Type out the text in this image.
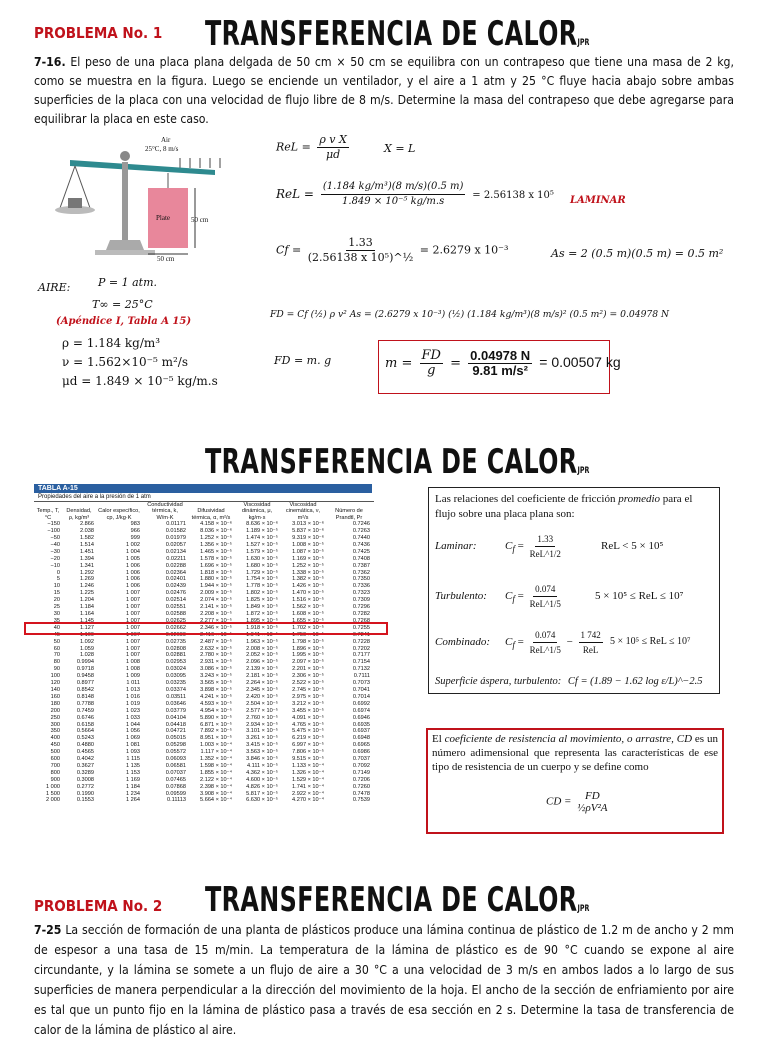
PROBLEMA No. 1 TRANSFERENCIA DE CALORJPR
7-16. El peso de una placa plana delgada de 50 cm × 50 cm se equilibra con un contrapeso que tiene una masa de 2 kg, como se muestra en la figura. Luego se enciende un ventilador, y el aire a 1 atm y 25 °C fluye hacia abajo sobre ambas superficies de la placa con una velocidad de flujo libre de 8 m/s. Determine la masa del contrapeso que debe agregarse para equilibrar la placa en este caso.
Air
25°C, 8 m/s
Plate	50 cm
50 cm
AIRE:	P = 1 atm.
T∞ = 25°C
(Apéndice I, Tabla A 15)
ρ = 1.184 kg/m³
ν = 1.562×10⁻⁵ m²/s
μd = 1.849 × 10⁻⁵ kg/m.s
ReL = $\frac{\text{ρ v X}}{\mu d}$	X = L
ReL = $\frac{\text{(1.184 kg/m³)(8 m/s)(0.5 m)}}{\text{1.849 × 10⁻⁵ kg/m.s}} = 2.56138$ x 10⁵ LAMINAR
$Cf = \frac{1.33}{\text{(2.56138 x 10⁵)\textasciicircum{}½}} = 2.6279$ x 10⁻³	As = 2 (0.5 m)(0.5 m) = 0.5 m²
FD = Cf (½) ρ v² As = (2.6279 x 10⁻³) (½) (1.184 kg/m³)(8 m/s)² (0.5 m²) = 0.04978 N
FD = m. g	$m = \frac{FD}{g} = \frac{0.04978 N}{\text{9.81 m/s²}} = 0.00507$ kg
TRANSFERENCIA DE CALORJPR
TABLA A-15
Propiedades del aire a la presión de 1 atm
Temp., T, °C	Densidad, ρ, kg/m³	Calor específico, cp, J/kg·K	Conductividad térmica, k, W/m·K	Difusividad térmica, α, m²/s	Viscosidad dinámica, μ, kg/m·s	Viscosidad cinemática, ν, m²/s	Número de Prandtl, Pr
−150	2.866	983	0.01171	4.158 × 10⁻⁶	8.636 × 10⁻⁶	3.013 × 10⁻⁶	0.7246
−100	2.038	966	0.01582	8.036 × 10⁻⁶	1.189 × 10⁻⁵	5.837 × 10⁻⁶	0.7263
−50	1.582	999	0.01979	1.252 × 10⁻⁵	1.474 × 10⁻⁵	9.319 × 10⁻⁶	0.7440
−40	1.514	1 002	0.02057	1.356 × 10⁻⁵	1.527 × 10⁻⁵	1.008 × 10⁻⁵	0.7436
−30	1.451	1 004	0.02134	1.465 × 10⁻⁵	1.579 × 10⁻⁵	1.087 × 10⁻⁵	0.7425
−20	1.394	1 005	0.02211	1.578 × 10⁻⁵	1.630 × 10⁻⁵	1.169 × 10⁻⁵	0.7408
−10	1.341	1 006	0.02288	1.696 × 10⁻⁵	1.680 × 10⁻⁵	1.252 × 10⁻⁵	0.7387
0	1.292	1 006	0.02364	1.818 × 10⁻⁵	1.729 × 10⁻⁵	1.338 × 10⁻⁵	0.7362
5	1.269	1 006	0.02401	1.880 × 10⁻⁵	1.754 × 10⁻⁵	1.382 × 10⁻⁵	0.7350
10	1.246	1 006	0.02439	1.944 × 10⁻⁵	1.778 × 10⁻⁵	1.426 × 10⁻⁵	0.7336
15	1.225	1 007	0.02476	2.009 × 10⁻⁵	1.802 × 10⁻⁵	1.470 × 10⁻⁵	0.7323
20	1.204	1 007	0.02514	2.074 × 10⁻⁵	1.825 × 10⁻⁵	1.516 × 10⁻⁵	0.7309
25	1.184	1 007	0.02551	2.141 × 10⁻⁵	1.849 × 10⁻⁵	1.562 × 10⁻⁵	0.7296
30	1.164	1 007	0.02588	2.208 × 10⁻⁵	1.872 × 10⁻⁵	1.608 × 10⁻⁵	0.7282
35	1.145	1 007	0.02625	2.277 × 10⁻⁵	1.895 × 10⁻⁵	1.655 × 10⁻⁵	0.7268
40	1.127	1 007	0.02662	2.346 × 10⁻⁵	1.918 × 10⁻⁵	1.702 × 10⁻⁵	0.7255
45	1.109	1 007	0.02699	2.416 × 10⁻⁵	1.941 × 10⁻⁵	1.750 × 10⁻⁵	0.7241
50	1.092	1 007	0.02735	2.487 × 10⁻⁵	1.963 × 10⁻⁵	1.798 × 10⁻⁵	0.7228
60	1.059	1 007	0.02808	2.632 × 10⁻⁵	2.008 × 10⁻⁵	1.896 × 10⁻⁵	0.7202
70	1.028	1 007	0.02881	2.780 × 10⁻⁵	2.052 × 10⁻⁵	1.995 × 10⁻⁵	0.7177
80	0.9994	1 008	0.02953	2.931 × 10⁻⁵	2.096 × 10⁻⁵	2.097 × 10⁻⁵	0.7154
90	0.9718	1 008	0.03024	3.086 × 10⁻⁵	2.139 × 10⁻⁵	2.201 × 10⁻⁵	0.7132
100	0.9458	1 009	0.03095	3.243 × 10⁻⁵	2.181 × 10⁻⁵	2.306 × 10⁻⁵	0.7111
120	0.8977	1 011	0.03235	3.565 × 10⁻⁵	2.264 × 10⁻⁵	2.522 × 10⁻⁵	0.7073
140	0.8542	1 013	0.03374	3.898 × 10⁻⁵	2.345 × 10⁻⁵	2.745 × 10⁻⁵	0.7041
160	0.8148	1 016	0.03511	4.241 × 10⁻⁵	2.420 × 10⁻⁵	2.975 × 10⁻⁵	0.7014
180	0.7788	1 019	0.03646	4.593 × 10⁻⁵	2.504 × 10⁻⁵	3.212 × 10⁻⁵	0.6992
200	0.7459	1 023	0.03779	4.954 × 10⁻⁵	2.577 × 10⁻⁵	3.455 × 10⁻⁵	0.6974
250	0.6746	1 033	0.04104	5.890 × 10⁻⁵	2.760 × 10⁻⁵	4.091 × 10⁻⁵	0.6946
300	0.6158	1 044	0.04418	6.871 × 10⁻⁵	2.934 × 10⁻⁵	4.765 × 10⁻⁵	0.6935
350	0.5664	1 056	0.04721	7.892 × 10⁻⁵	3.101 × 10⁻⁵	5.475 × 10⁻⁵	0.6937
400	0.5243	1 069	0.05015	8.951 × 10⁻⁵	3.261 × 10⁻⁵	6.219 × 10⁻⁵	0.6948
450	0.4880	1 081	0.05298	1.003 × 10⁻⁴	3.415 × 10⁻⁵	6.997 × 10⁻⁵	0.6965
500	0.4565	1 093	0.05572	1.117 × 10⁻⁴	3.563 × 10⁻⁵	7.806 × 10⁻⁵	0.6986
600	0.4042	1 115	0.06093	1.352 × 10⁻⁴	3.846 × 10⁻⁵	9.515 × 10⁻⁵	0.7037
700	0.3627	1 135	0.06581	1.598 × 10⁻⁴	4.111 × 10⁻⁵	1.133 × 10⁻⁴	0.7092
800	0.3289	1 153	0.07037	1.855 × 10⁻⁴	4.362 × 10⁻⁵	1.326 × 10⁻⁴	0.7149
900	0.3008	1 169	0.07465	2.122 × 10⁻⁴	4.600 × 10⁻⁵	1.529 × 10⁻⁴	0.7206
1 000	0.2772	1 184	0.07868	2.398 × 10⁻⁴	4.826 × 10⁻⁵	1.741 × 10⁻⁴	0.7260
1 500	0.1990	1 234	0.09599	3.908 × 10⁻⁴	5.817 × 10⁻⁵	2.922 × 10⁻⁴	0.7478
2 000	0.1553	1 264	0.11113	5.664 × 10⁻⁴	6.630 × 10⁻⁵	4.270 × 10⁻⁴	0.7539
Las relaciones del coeficiente de fricción promedio para el flujo sobre una placa plana son:
Laminar:	$C_f = \frac{1.33}{\text{ReL\textasciicircum{}1/2}}$	ReL < 5 × 10⁵
Turbulento: $C_f = \frac{0.074}{\text{ReL\textasciicircum{}1/5}}$	5 × 10⁵ ≤ ReL ≤ 10⁷
Combinado: $C_f = \frac{0.074}{\text{ReL\textasciicircum{}1/5}} - \frac{1 742}{\text{ReL}} 5 \times 10^5$ ≤ ReL ≤ 10⁷
Superficie áspera, turbulento: Cf = (1.89 − 1.62 log ε/L)^−2.5
El coeficiente de resistencia al movimiento, o arrastre, CD es un número adimensional que representa las características de ese tipo de resistencia de un cuerpo y se define como
CD = FD
½ρV²A
PROBLEMA No. 2 TRANSFERENCIA DE CALORJPR
7-25 La sección de formación de una planta de plásticos produce una lámina continua de plástico de 1.2 m de ancho y 2 mm de espesor a una tasa de 15 m/min. La temperatura de la lámina de plástico es de 90 °C cuando se expone al aire circundante, y la lámina se somete a un flujo de aire a 30 °C a una velocidad de 3 m/s en ambos lados a lo largo de sus superficies de manera perpendicular a la dirección del movimiento de la hoja. El ancho de la sección de enfriamiento por aire es tal que un punto fijo en la lámina de plástico pasa a través de esa sección en 2 s. Determine la tasa de transferencia de calor de la lámina de plástico al aire.
